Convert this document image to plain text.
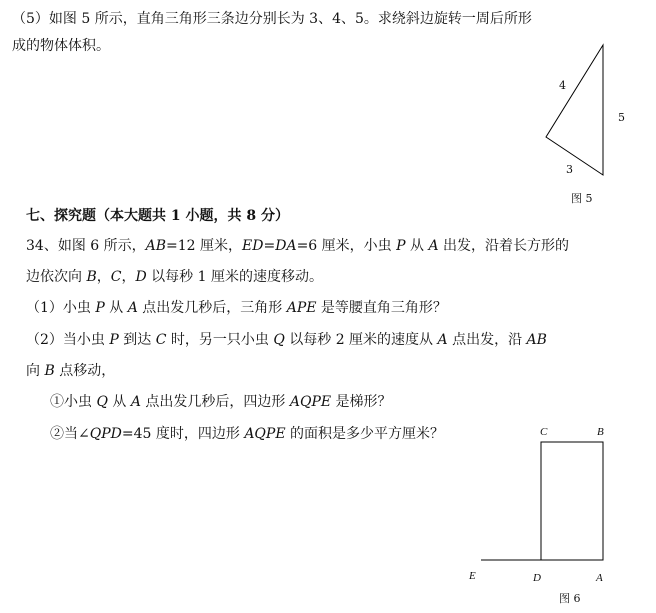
（5）如图 5 所示，直角三角形三条边分别长为 3、4、5。求绕斜边旋转一周后所形
成的物体体积。
4
5
3
图 5
七、探究题（本大题共 1 小题，共 8 分）
34、如图 6 所示，AB=12 厘米，ED=DA=6 厘米，小虫 P 从 A 出发，沿着长方形的
边依次向 B，C，D 以每秒 1 厘米的速度移动。
（1）小虫 P 从 A 点出发几秒后，三角形 APE 是等腰直角三角形？
（2）当小虫 P 到达 C 时，另一只小虫 Q 以每秒 2 厘米的速度从 A 点出发，沿 AB
向 B 点移动，
①小虫 Q 从 A 点出发几秒后，四边形 AQPE 是梯形？
②当∠QPD=45 度时，四边形 AQPE 的面积是多少平方厘米？	C	B
E	D	A
图 6
